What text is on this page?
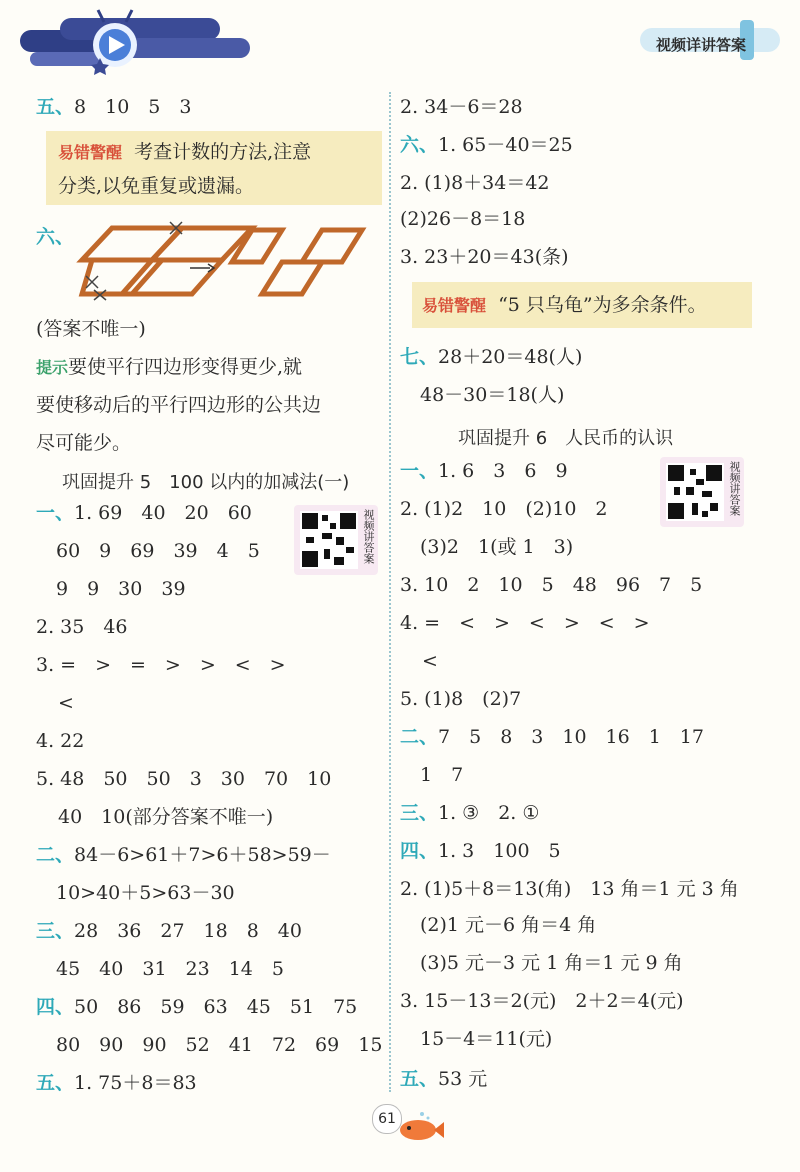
视频详讲答案
五、8　10　5　3
易错警醒 考查计数的方法,注意
分类,以免重复或遗漏。
六、
(答案不唯一)
提示要使平行四边形变得更少,就
要使移动后的平行四边形的公共边
尽可能少。
巩固提升 5　100 以内的加减法(一)
视频讲答案
一、1. 69　40　20　60
60　9　69　39　4　5
9　9　30　39
2. 35　46
3. =　>　=　>　>　<　>
<
4. 22
5. 48　50　50　3　30　70　10
40　10(部分答案不唯一)
二、84－6>61＋7>6＋58>59－
10>40＋5>63－30
三、28　36　27　18　8　40
45　40　31　23　14　5
四、50　86　59　63　45　51　75
80　90　90　52　41　72　69　15
五、1. 75＋8＝83
2. 34－6＝28
六、1. 65－40＝25
2. (1)8＋34＝42
(2)26－8＝18
3. 23＋20＝43(条)
易错警醒 “5 只乌龟”为多余条件。
七、28＋20＝48(人)
48－30＝18(人)
巩固提升 6　人民币的认识
视频讲答案
一、1. 6　3　6　9
2. (1)2　10　(2)10　2
(3)2　1(或 1　3)
3. 10　2　10　5　48　96　7　5
4. =　<　>　<　>　<　>
<
5. (1)8　(2)7
二、7　5　8　3　10　16　1　17
1　7
三、1. ③　2. ①
四、1. 3　100　5
2. (1)5＋8＝13(角)　13 角＝1 元 3 角
(2)1 元－6 角＝4 角
(3)5 元－3 元 1 角＝1 元 9 角
3. 15－13＝2(元)　2＋2＝4(元)
15－4＝11(元)
五、53 元
61
